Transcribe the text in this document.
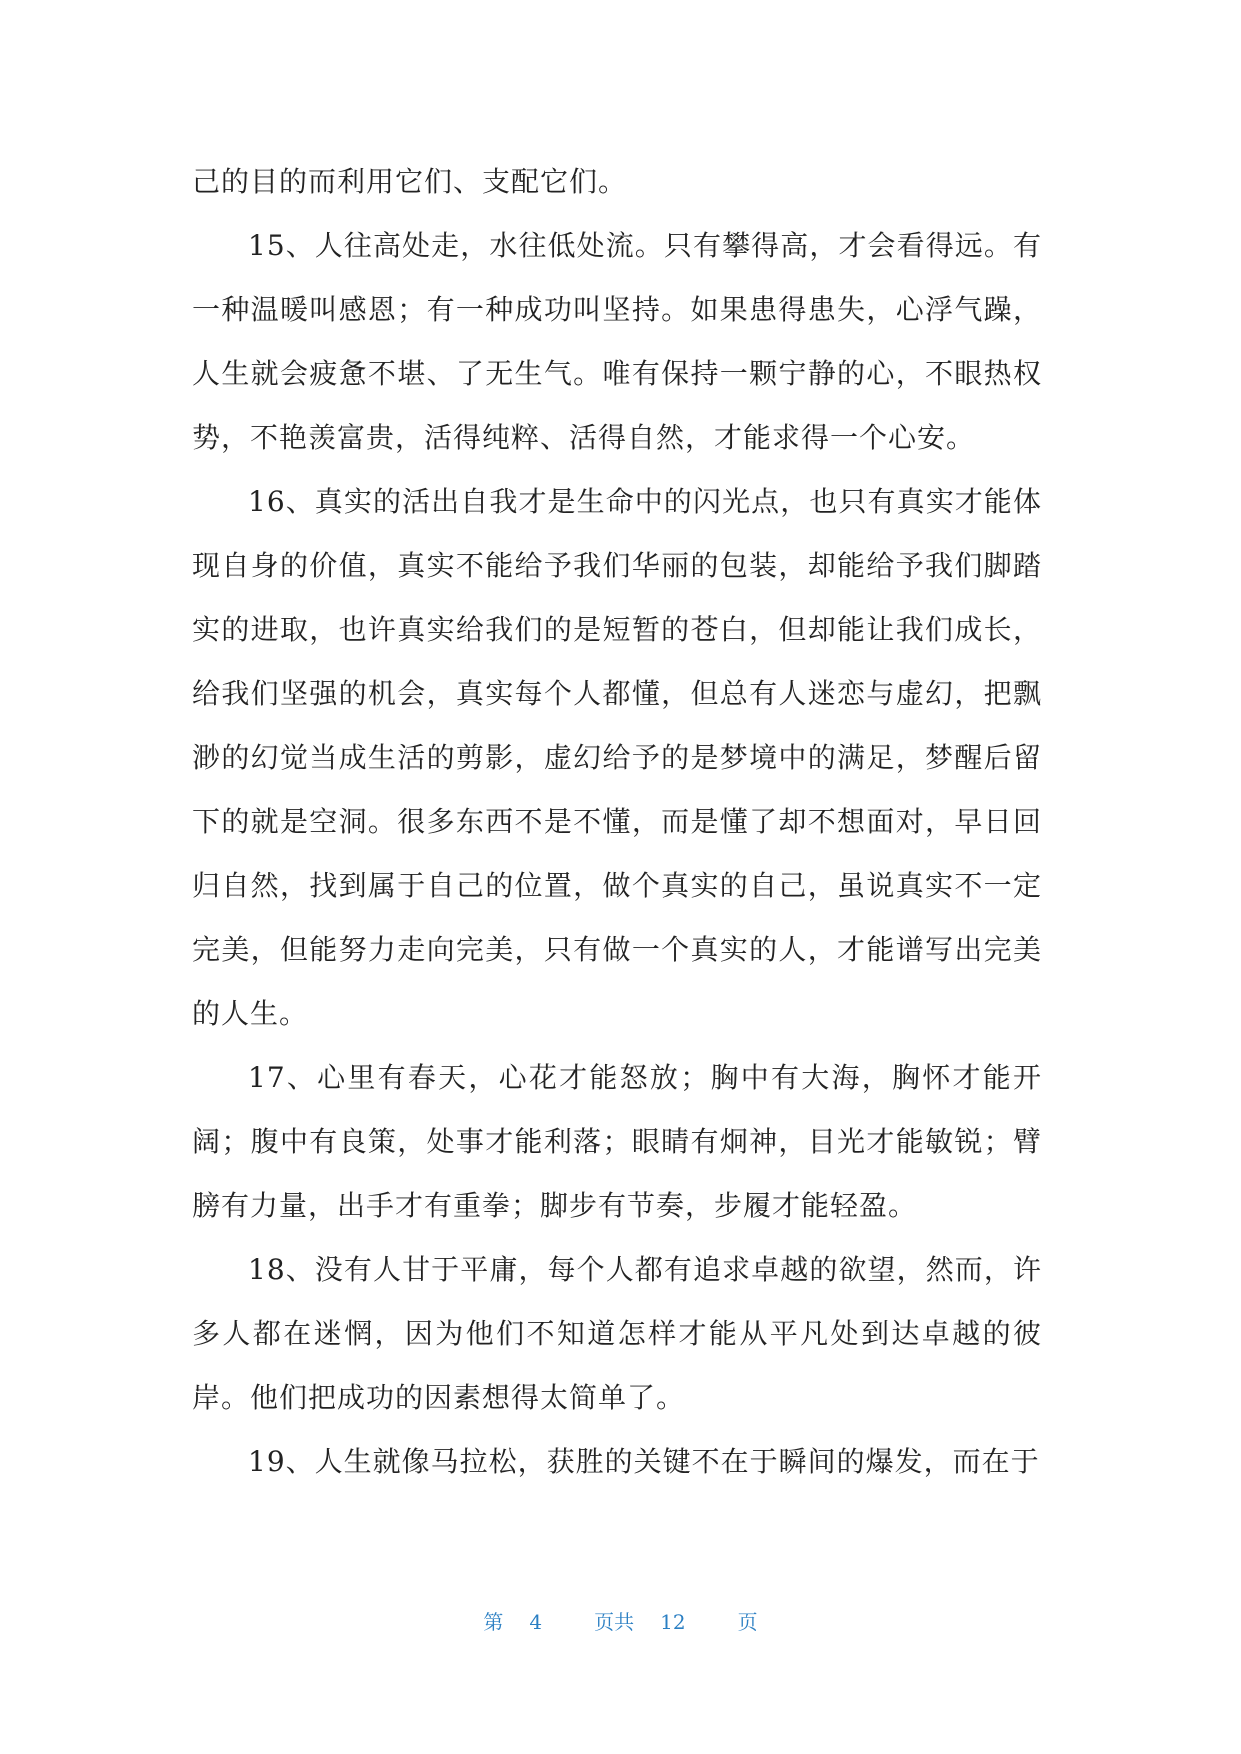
己的目的而利用它们、支配它们。

15、人往高处走，水往低处流。只有攀得高，才会看得远。有一种温暖叫感恩；有一种成功叫坚持。如果患得患失，心浮气躁，人生就会疲惫不堪、了无生气。唯有保持一颗宁静的心，不眼热权势，不艳羡富贵，活得纯粹、活得自然，才能求得一个心安。

16、真实的活出自我才是生命中的闪光点，也只有真实才能体现自身的价值，真实不能给予我们华丽的包装，却能给予我们脚踏实的进取，也许真实给我们的是短暂的苍白，但却能让我们成长，给我们坚强的机会，真实每个人都懂，但总有人迷恋与虚幻，把飘渺的幻觉当成生活的剪影，虚幻给予的是梦境中的满足，梦醒后留下的就是空洞。很多东西不是不懂，而是懂了却不想面对，早日回归自然，找到属于自己的位置，做个真实的自己，虽说真实不一定完美，但能努力走向完美，只有做一个真实的人，才能谱写出完美的人生。

17、心里有春天，心花才能怒放；胸中有大海，胸怀才能开阔；腹中有良策，处事才能利落；眼睛有炯神，目光才能敏锐；臂膀有力量，出手才有重拳；脚步有节奏，步履才能轻盈。

18、没有人甘于平庸，每个人都有追求卓越的欲望，然而，许多人都在迷惘，因为他们不知道怎样才能从平凡处到达卓越的彼岸。他们把成功的因素想得太简单了。

19、人生就像马拉松，获胜的关键不在于瞬间的爆发，而在于

第 4	页共 12	页
